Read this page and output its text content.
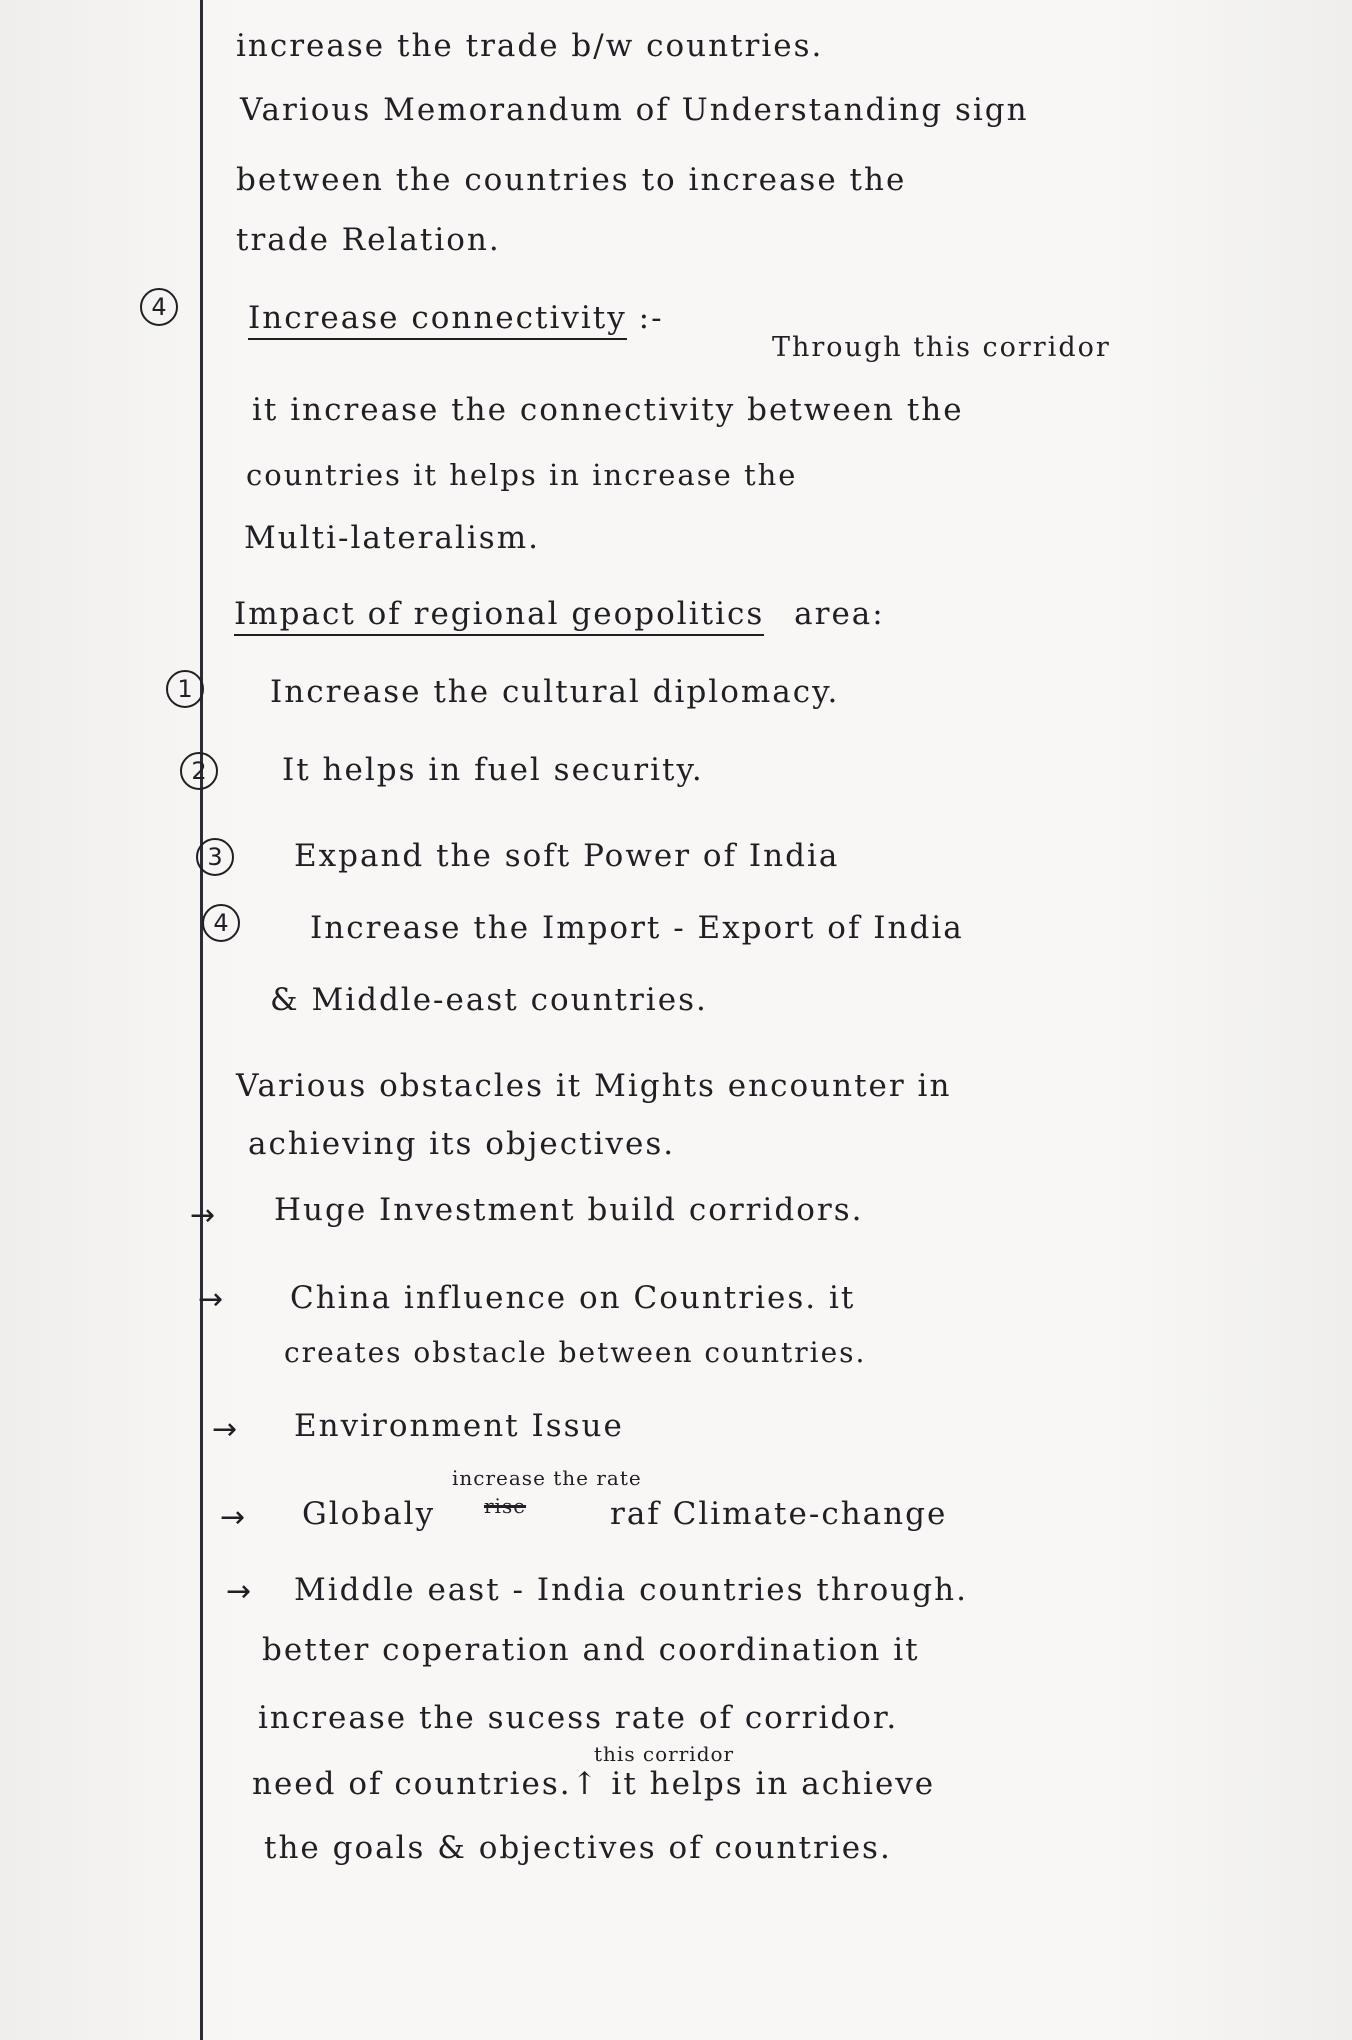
increase the trade b/w countries.
Various Memorandum of Understanding sign
between the countries to increase the
trade Relation.
4	Increase connectivity :-
Through this corridor
it increase the connectivity between the
countries it helps in increase the
Multi-lateralism.
Impact of regional geopolitics area:
1	Increase the cultural diplomacy.
2	It helps in fuel security.
3	Expand the soft Power of India
4	Increase the Import - Export of India
& Middle-east countries.
Various obstacles it Mights encounter in
achieving its objectives.
→ Huge Investment build corridors.
→ China influence on Countries. it
creates obstacle between countries.
→ Environment Issue
→ Globaly
increase the rate
rise	raf Climate-change
→ Middle east - India countries through.
better coperation and coordination it
increase the sucess rate of corridor.
this corridor
need of countries.↑ it helps in achieve
the goals & objectives of countries.
